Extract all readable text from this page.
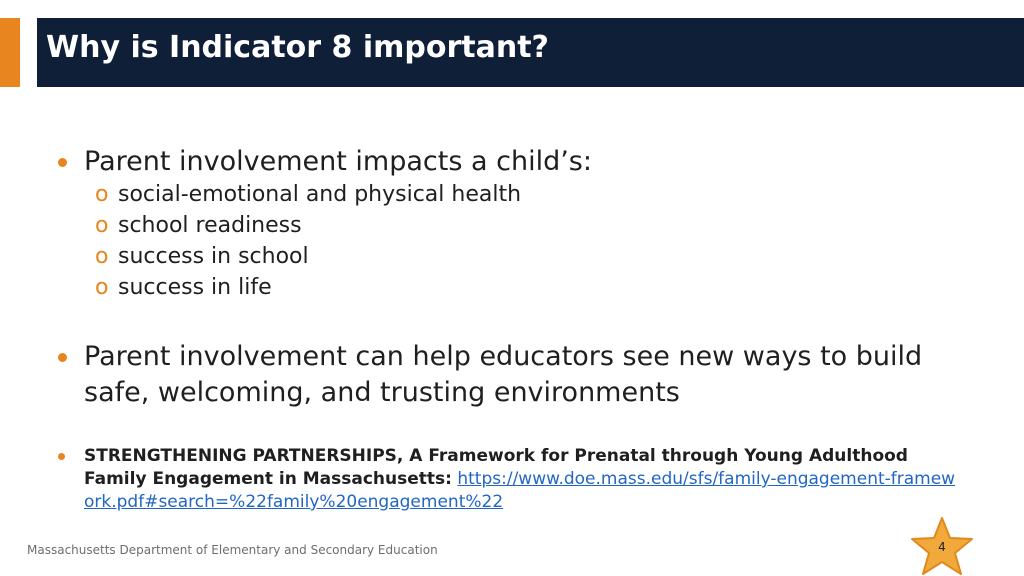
Why is Indicator 8 important?
Parent involvement impacts a child’s:
o social-emotional and physical health
o school readiness
o success in school
o success in life
Parent involvement can help educators see new ways to build safe, welcoming, and trusting environments
STRENGTHENING PARTNERSHIPS, A Framework for Prenatal through Young Adulthood Family Engagement in Massachusetts: https://www.doe.mass.edu/sfs/family-engagement-framework.pdf#search=%22family%20engagement%22
Massachusetts Department of Elementary and Secondary Education	4
